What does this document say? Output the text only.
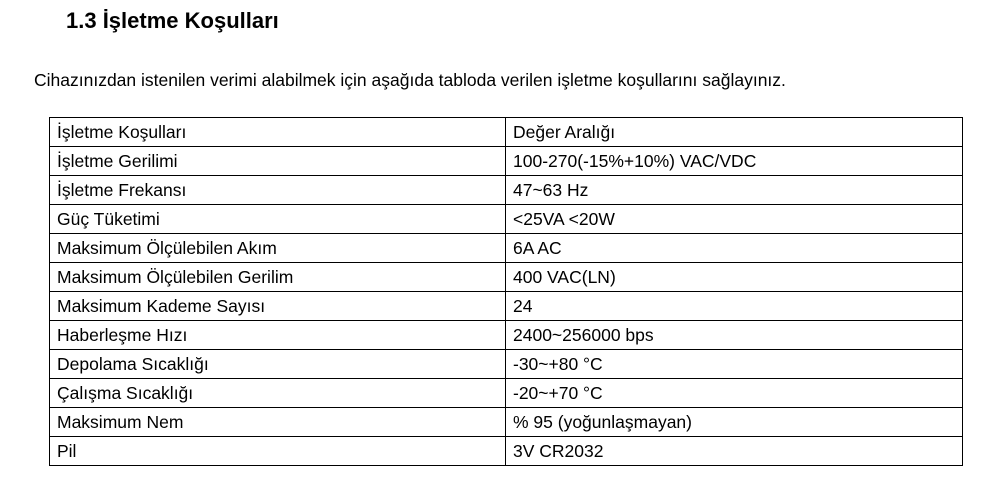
1.3 İşletme Koşulları

Cihazınızdan istenilen verimi alabilmek için aşağıda tabloda verilen işletme koşullarını sağlayınız.

İşletme Koşulları	Değer Aralığı
İşletme Gerilimi	100-270(-15%+10%) VAC/VDC
İşletme Frekansı	47~63 Hz
Güç Tüketimi	<25VA <20W
Maksimum Ölçülebilen Akım	6A AC
Maksimum Ölçülebilen Gerilim	400 VAC(LN)
Maksimum Kademe Sayısı	24
Haberleşme Hızı	2400~256000 bps
Depolama Sıcaklığı	-30~+80 °C
Çalışma Sıcaklığı	-20~+70 °C
Maksimum Nem	% 95 (yoğunlaşmayan)
Pil	3V CR2032
